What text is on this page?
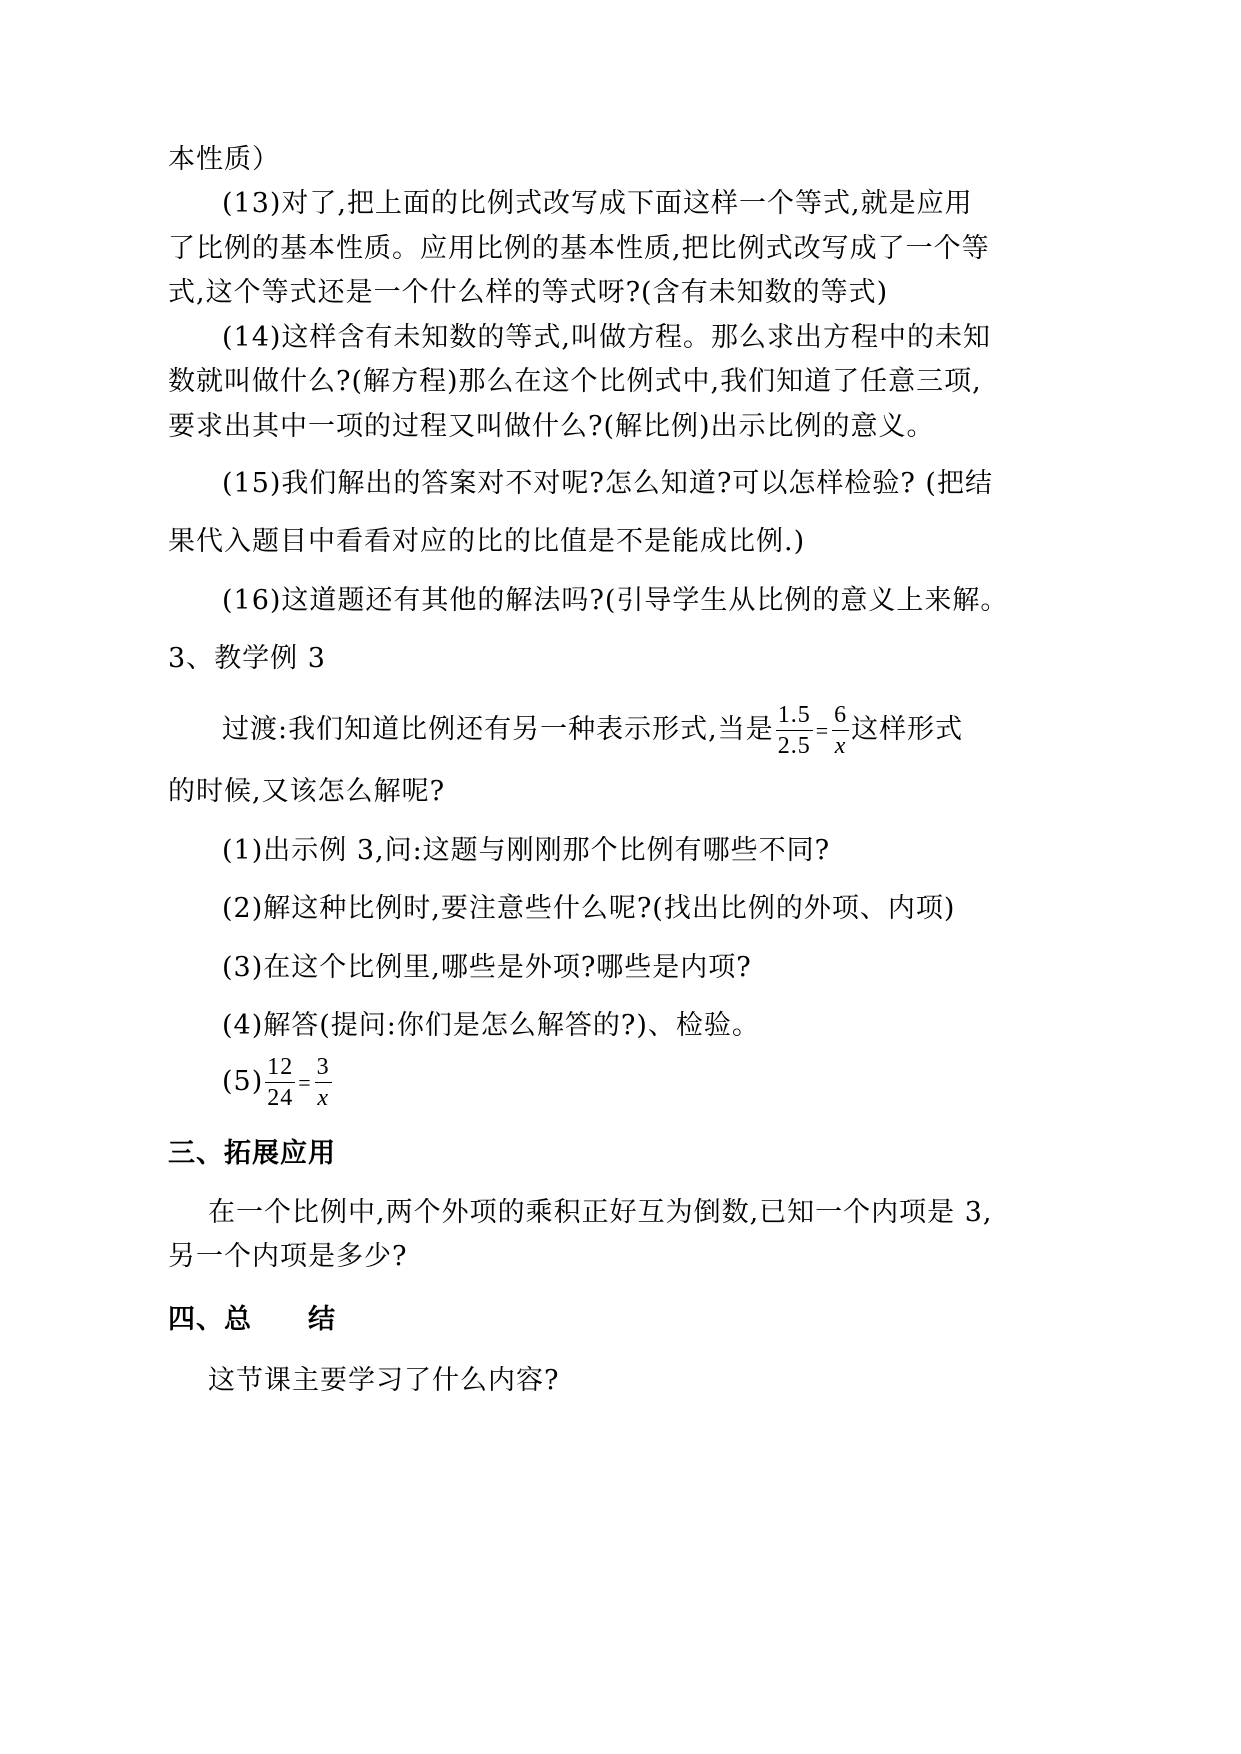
本性质）
(13)对了,把上面的比例式改写成下面这样一个等式,就是应用
了比例的基本性质。应用比例的基本性质,把比例式改写成了一个等
式,这个等式还是一个什么样的等式呀?(含有未知数的等式)
(14)这样含有未知数的等式,叫做方程。那么求出方程中的未知
数就叫做什么?(解方程)那么在这个比例式中,我们知道了任意三项,
要求出其中一项的过程又叫做什么?(解比例)出示比例的意义。
(15)我们解出的答案对不对呢?怎么知道?可以怎样检验? (把结
果代入题目中看看对应的比的比值是不是能成比例.)
(16)这道题还有其他的解法吗?(引导学生从比例的意义上来解。
3、教学例 3
过渡:我们知道比例还有另一种表示形式,当是 $\frac{1.5}{2.5} = \frac{6}{x}$ 这样形式
的时候,又该怎么解呢?
(1)出示例 3,问:这题与刚刚那个比例有哪些不同?
(2)解这种比例时,要注意些什么呢?(找出比例的外项、内项)
(3)在这个比例里,哪些是外项?哪些是内项?
(4)解答(提问:你们是怎么解答的?)、检验。
$(5) \frac{12}{24} = \frac{3}{x}$
三、拓展应用
在一个比例中,两个外项的乘积正好互为倒数,已知一个内项是 3,
另一个内项是多少?
四、总　　结
这节课主要学习了什么内容?
